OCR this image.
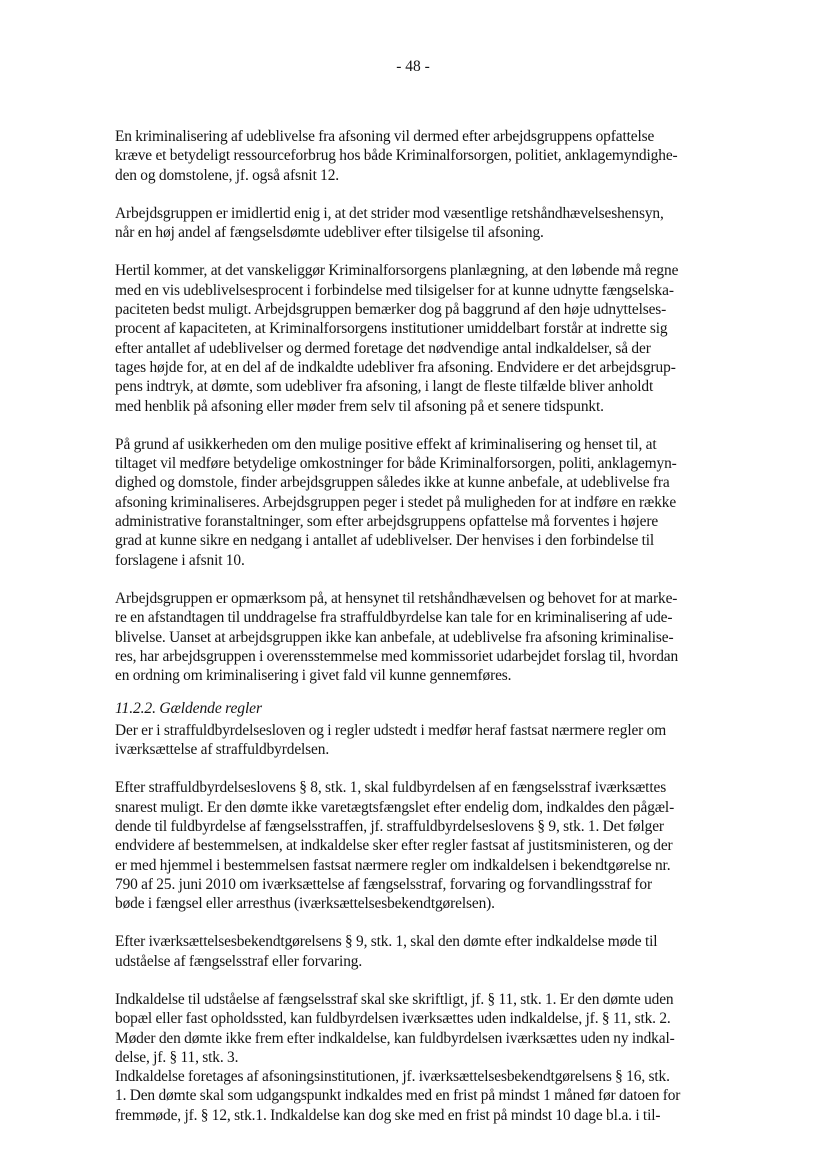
- 48 -

En kriminalisering af udeblivelse fra afsoning vil dermed efter arbejdsgruppens opfattelse
kræve et betydeligt ressourceforbrug hos både Kriminalforsorgen, politiet, anklagemyndighe-
den og domstolene, jf. også afsnit 12.

Arbejdsgruppen er imidlertid enig i, at det strider mod væsentlige retshåndhævelseshensyn,
når en høj andel af fængselsdømte udebliver efter tilsigelse til afsoning.

Hertil kommer, at det vanskeliggør Kriminalforsorgens planlægning, at den løbende må regne
med en vis udeblivelsesprocent i forbindelse med tilsigelser for at kunne udnytte fængselska-
paciteten bedst muligt. Arbejdsgruppen bemærker dog på baggrund af den høje udnyttelses-
procent af kapaciteten, at Kriminalforsorgens institutioner umiddelbart forstår at indrette sig
efter antallet af udeblivelser og dermed foretage det nødvendige antal indkaldelser, så der
tages højde for, at en del af de indkaldte udebliver fra afsoning. Endvidere er det arbejdsgrup-
pens indtryk, at dømte, som udebliver fra afsoning, i langt de fleste tilfælde bliver anholdt
med henblik på afsoning eller møder frem selv til afsoning på et senere tidspunkt.

På grund af usikkerheden om den mulige positive effekt af kriminalisering og henset til, at
tiltaget vil medføre betydelige omkostninger for både Kriminalforsorgen, politi, anklagemyn-
dighed og domstole, finder arbejdsgruppen således ikke at kunne anbefale, at udeblivelse fra
afsoning kriminaliseres. Arbejdsgruppen peger i stedet på muligheden for at indføre en række
administrative foranstaltninger, som efter arbejdsgruppens opfattelse må forventes i højere
grad at kunne sikre en nedgang i antallet af udeblivelser. Der henvises i den forbindelse til
forslagene i afsnit 10.

Arbejdsgruppen er opmærksom på, at hensynet til retshåndhævelsen og behovet for at marke-
re en afstandtagen til unddragelse fra straffuldbyrdelse kan tale for en kriminalisering af ude-
blivelse. Uanset at arbejdsgruppen ikke kan anbefale, at udeblivelse fra afsoning kriminalise-
res, har arbejdsgruppen i overensstemmelse med kommissoriet udarbejdet forslag til, hvordan
en ordning om kriminalisering i givet fald vil kunne gennemføres.

11.2.2. Gældende regler

Der er i straffuldbyrdelsesloven og i regler udstedt i medfør heraf fastsat nærmere regler om
iværksættelse af straffuldbyrdelsen.

Efter straffuldbyrdelseslovens § 8, stk. 1, skal fuldbyrdelsen af en fængselsstraf iværksættes
snarest muligt. Er den dømte ikke varetægtsfængslet efter endelig dom, indkaldes den pågæl-
dende til fuldbyrdelse af fængselsstraffen, jf. straffuldbyrdelseslovens § 9, stk. 1. Det følger
endvidere af bestemmelsen, at indkaldelse sker efter regler fastsat af justitsministeren, og der
er med hjemmel i bestemmelsen fastsat nærmere regler om indkaldelsen i bekendtgørelse nr.
790 af 25. juni 2010 om iværksættelse af fængselsstraf, forvaring og forvandlingsstraf for
bøde i fængsel eller arresthus (iværksættelsesbekendtgørelsen).

Efter iværksættelsesbekendtgørelsens § 9, stk. 1, skal den dømte efter indkaldelse møde til
udståelse af fængselsstraf eller forvaring.

Indkaldelse til udståelse af fængselsstraf skal ske skriftligt, jf. § 11, stk. 1. Er den dømte uden
bopæl eller fast opholdssted, kan fuldbyrdelsen iværksættes uden indkaldelse, jf. § 11, stk. 2.
Møder den dømte ikke frem efter indkaldelse, kan fuldbyrdelsen iværksættes uden ny indkal-
delse, jf. § 11, stk. 3.

Indkaldelse foretages af afsoningsinstitutionen, jf. iværksættelsesbekendtgørelsens § 16, stk.
1. Den dømte skal som udgangspunkt indkaldes med en frist på mindst 1 måned før datoen for
fremmøde, jf. § 12, stk.1. Indkaldelse kan dog ske med en frist på mindst 10 dage bl.a. i til-
